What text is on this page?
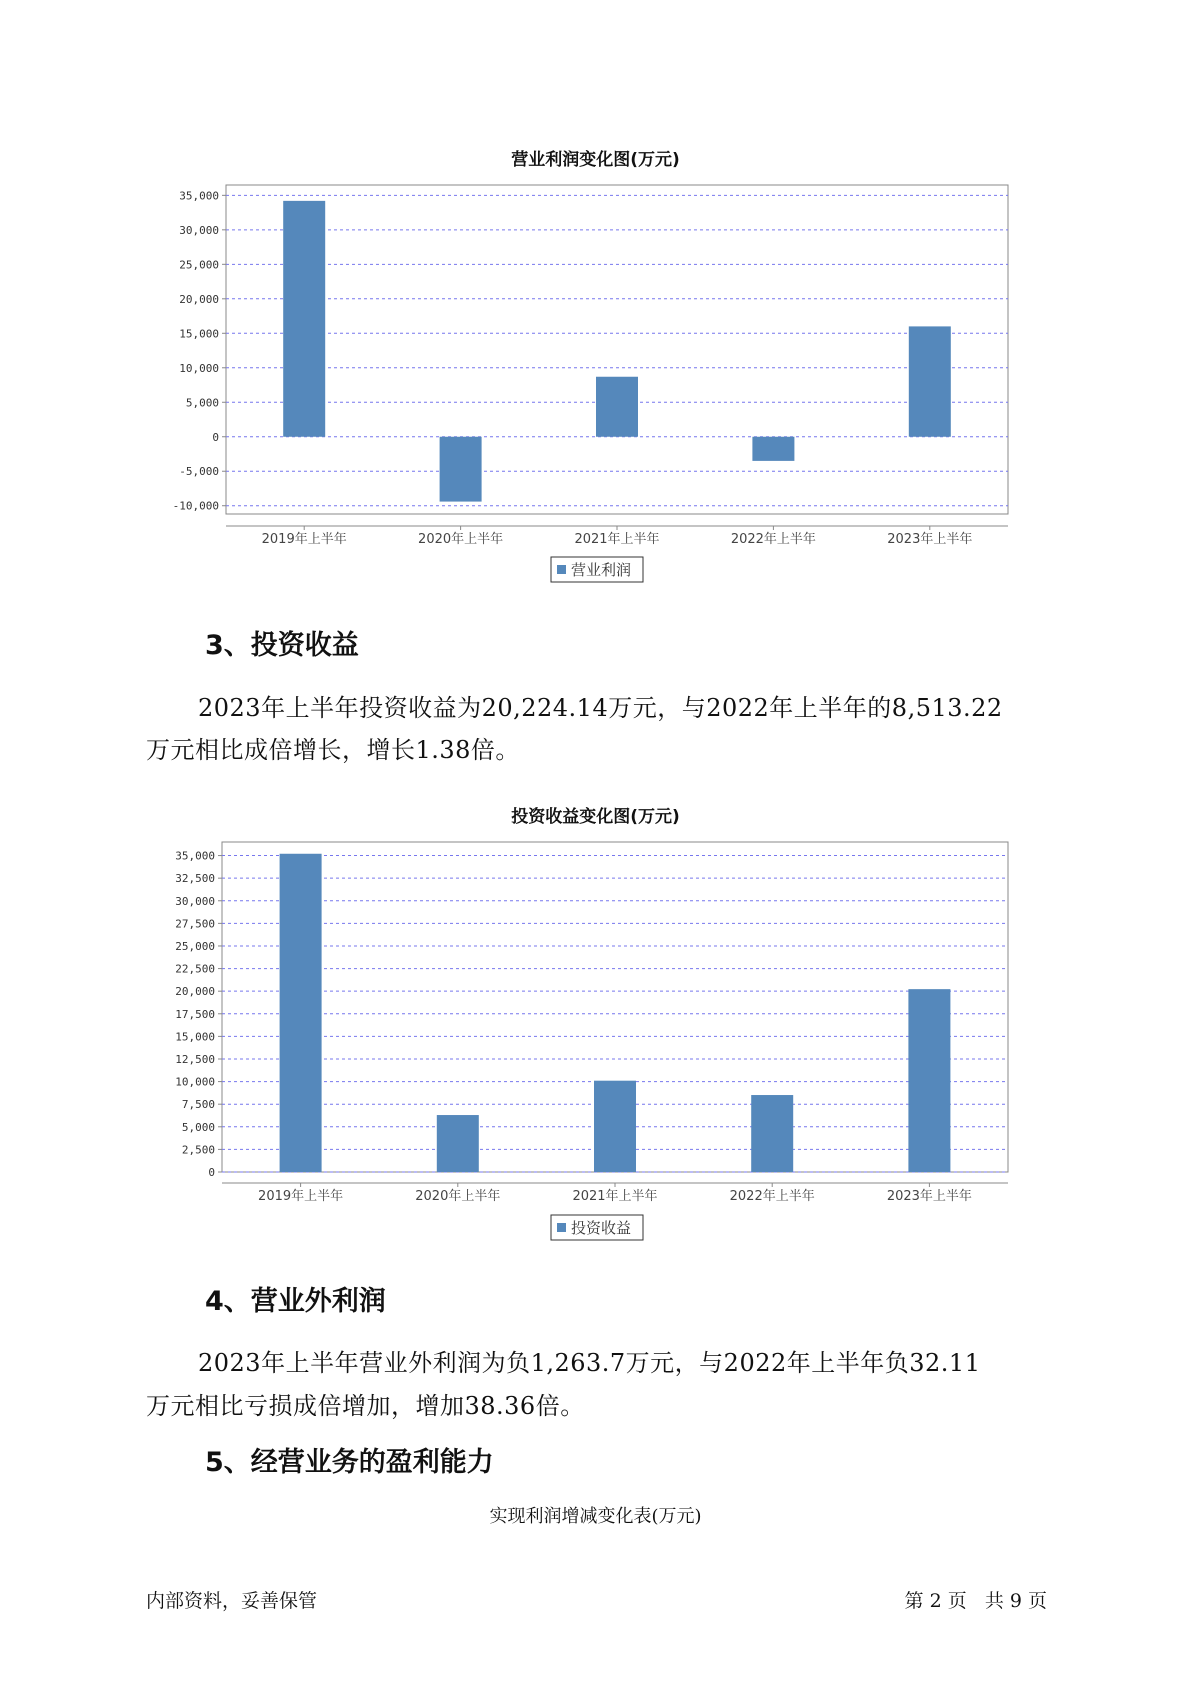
营业利润变化图(万元)
35,000
30,000
25,000
20,000
15,000
10,000
5,000
0
-5,000
-10,000
2019年上半年	2020年上半年	2021年上半年	2022年上半年	2023年上半年
营业利润
3、投资收益
2023年上半年投资收益为20,224.14万元，与2022年上半年的8,513.22
万元相比成倍增长，增长1.38倍。
投资收益变化图(万元)
35,000
32,500
30,000
27,500
25,000
22,500
20,000
17,500
15,000
12,500
10,000
7,500
5,000
2,500
0
2019年上半年	2020年上半年	2021年上半年	2022年上半年	2023年上半年
投资收益
4、营业外利润
2023年上半年营业外利润为负1,263.7万元，与2022年上半年负32.11
万元相比亏损成倍增加，增加38.36倍。
5、经营业务的盈利能力
实现利润增减变化表(万元)
内部资料，妥善保管	第 2 页 共 9 页
